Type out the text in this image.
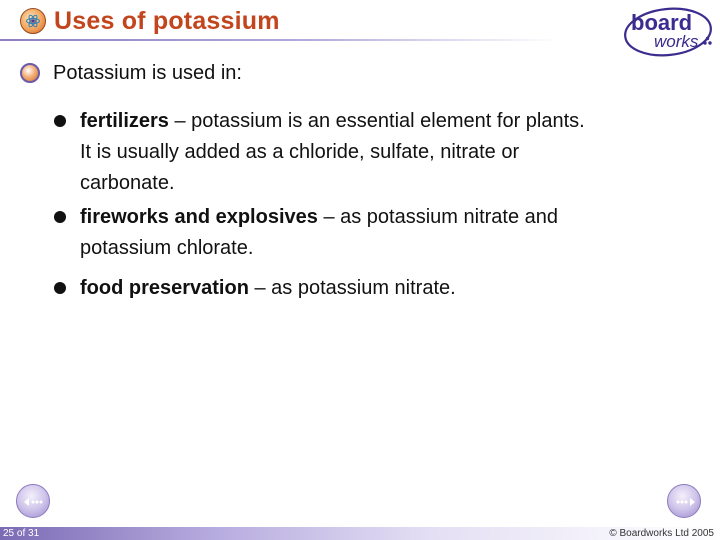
Uses of potassium	board
works
Potassium is used in:
fertilizers – potassium is an essential element for plants.
It is usually added as a chloride, sulfate, nitrate or
carbonate.
fireworks and explosives – as potassium nitrate and
potassium chlorate.
food preservation – as potassium nitrate.
25 of 31	© Boardworks Ltd 2005
